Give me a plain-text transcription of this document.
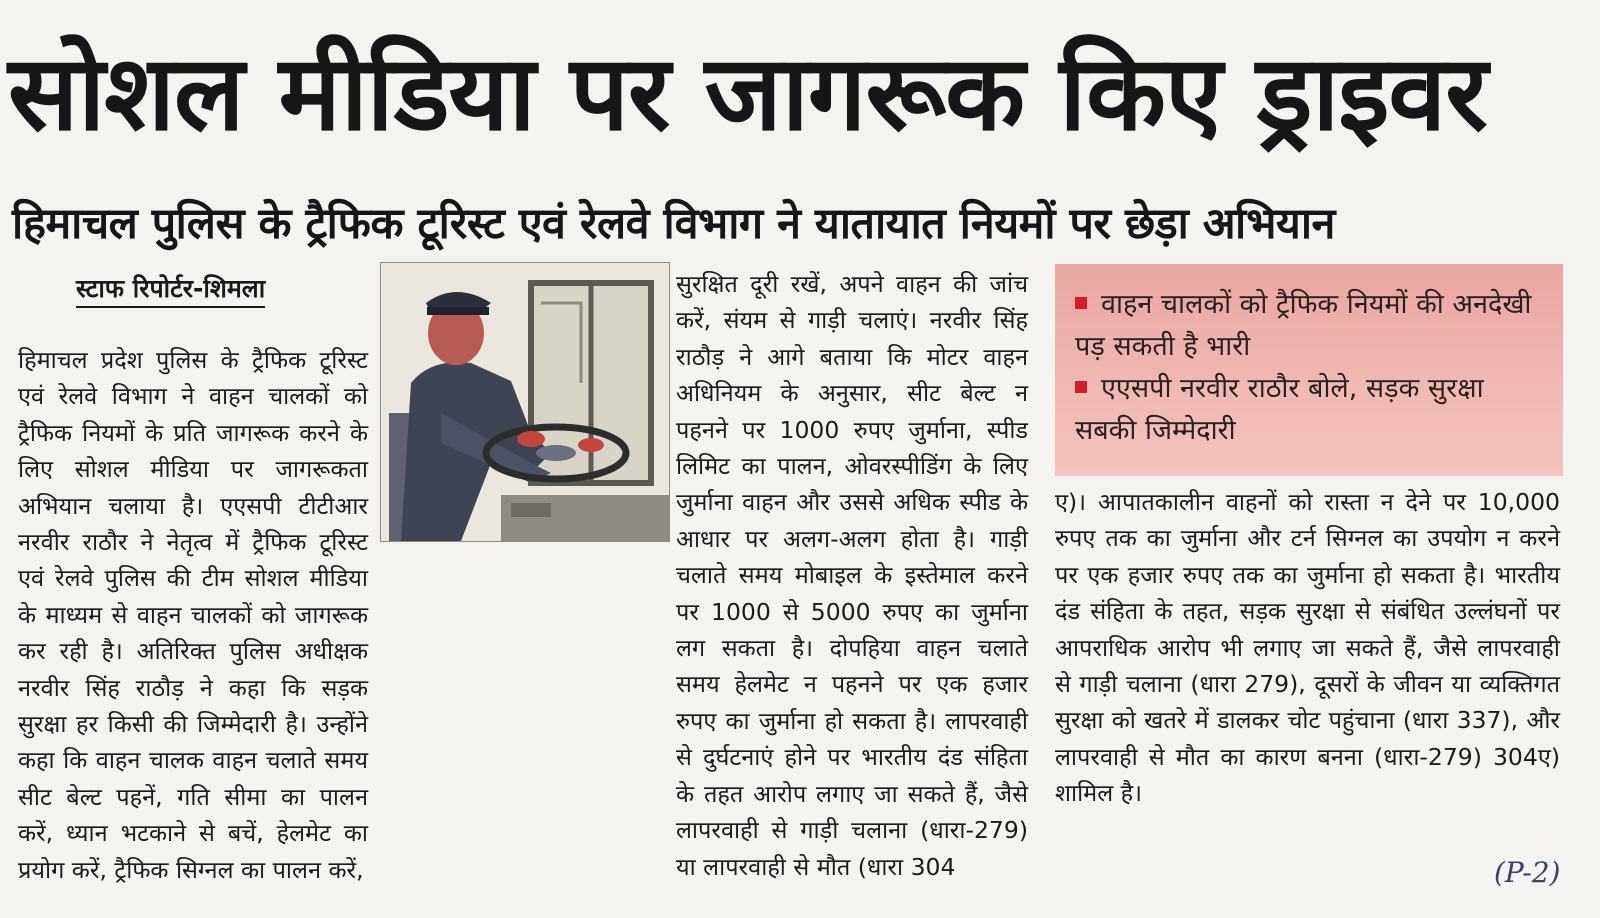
सोशल मीडिया पर जागरूक किए ड्राइवर
हिमाचल पुलिस के ट्रैफिक टूरिस्ट एवं रेलवे विभाग ने यातायात नियमों पर छेड़ा अभियान
स्टाफ रिपोर्टर-शिमला

हिमाचल प्रदेश पुलिस के ट्रैफिक टूरिस्ट एवं रेलवे विभाग ने वाहन चालकों को ट्रैफिक नियमों के प्रति जागरूक करने के लिए सोशल मीडिया पर जागरूकता अभियान चलाया है। एएसपी टीटीआर नरवीर राठौर ने नेतृत्व में ट्रैफिक टूरिस्ट एवं रेलवे पुलिस की टीम सोशल मीडिया के माध्यम से वाहन चालकों को जागरूक कर रही है। अतिरिक्त पुलिस अधीक्षक नरवीर सिंह राठौड़ ने कहा कि सड़क सुरक्षा हर किसी की जिम्मेदारी है। उन्होंने कहा कि वाहन चालक वाहन चलाते समय सीट बेल्ट पहनें, गति सीमा का पालन करें, ध्यान भटकाने से बचें, हेलमेट का प्रयोग करें, ट्रैफिक सिग्नल का पालन करें,

सुरक्षित दूरी रखें, अपने वाहन की जांच करें, संयम से गाड़ी चलाएं। नरवीर सिंह राठौड़ ने आगे बताया कि मोटर वाहन अधिनियम के अनुसार, सीट बेल्ट न पहनने पर 1000 रुपए जुर्माना, स्पीड लिमिट का पालन, ओवरस्पीडिंग के लिए जुर्माना वाहन और उससे अधिक स्पीड के आधार पर अलग-अलग होता है। गाड़ी चलाते समय मोबाइल के इस्तेमाल करने पर 1000 से 5000 रुपए का जुर्माना लग सकता है। दोपहिया वाहन चलाते समय हेलमेट न पहनने पर एक हजार रुपए का जुर्माना हो सकता है। लापरवाही से दुर्घटनाएं होने पर भारतीय दंड संहिता के तहत आरोप लगाए जा सकते हैं, जैसे लापरवाही से गाड़ी चलाना (धारा-279) या लापरवाही से मौत (धारा 304

वाहन चालकों को ट्रैफिक नियमों की अनदेखी पड़ सकती है भारी
एएसपी नरवीर राठौर बोले, सड़क सुरक्षा सबकी जिम्मेदारी

ए)। आपातकालीन वाहनों को रास्ता न देने पर 10,000 रुपए तक का जुर्माना और टर्न सिग्नल का उपयोग न करने पर एक हजार रुपए तक का जुर्माना हो सकता है। भारतीय दंड संहिता के तहत, सड़क सुरक्षा से संबंधित उल्लंघनों पर आपराधिक आरोप भी लगाए जा सकते हैं, जैसे लापरवाही से गाड़ी चलाना (धारा 279), दूसरों के जीवन या व्यक्तिगत सुरक्षा को खतरे में डालकर चोट पहुंचाना (धारा 337), और लापरवाही से मौत का कारण बनना (धारा-279) 304ए) शामिल है।

(P-2)
